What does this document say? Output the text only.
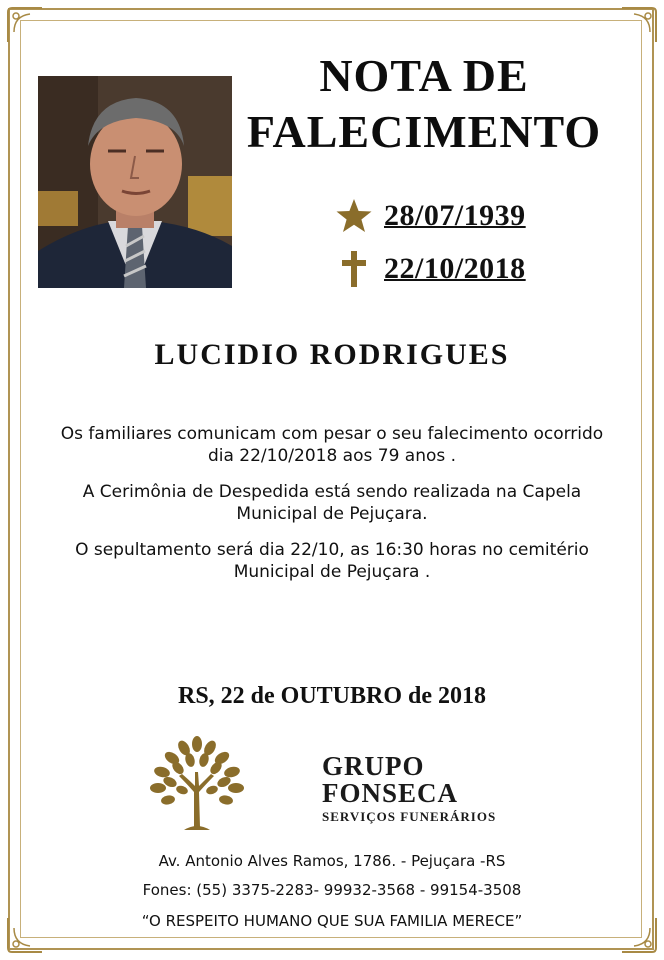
NOTA DE
FALECIMENTO
28/07/1939
22/10/2018
LUCIDIO RODRIGUES
Os familiares comunicam com pesar o seu falecimento ocorrido
dia 22/10/2018 aos 79 anos .
A Cerimônia de Despedida está sendo realizada na Capela
Municipal de Pejuçara.
O sepultamento será dia 22/10, as 16:30 horas no cemitério
Municipal de Pejuçara .
RS, 22 de OUTUBRO de 2018
GRUPO
FONSECA
SERVIÇOS FUNERÁRIOS
Av. Antonio Alves Ramos, 1786. - Pejuçara -RS
Fones: (55) 3375-2283- 99932-3568 - 99154-3508
“O RESPEITO HUMANO QUE SUA FAMILIA MERECE”
